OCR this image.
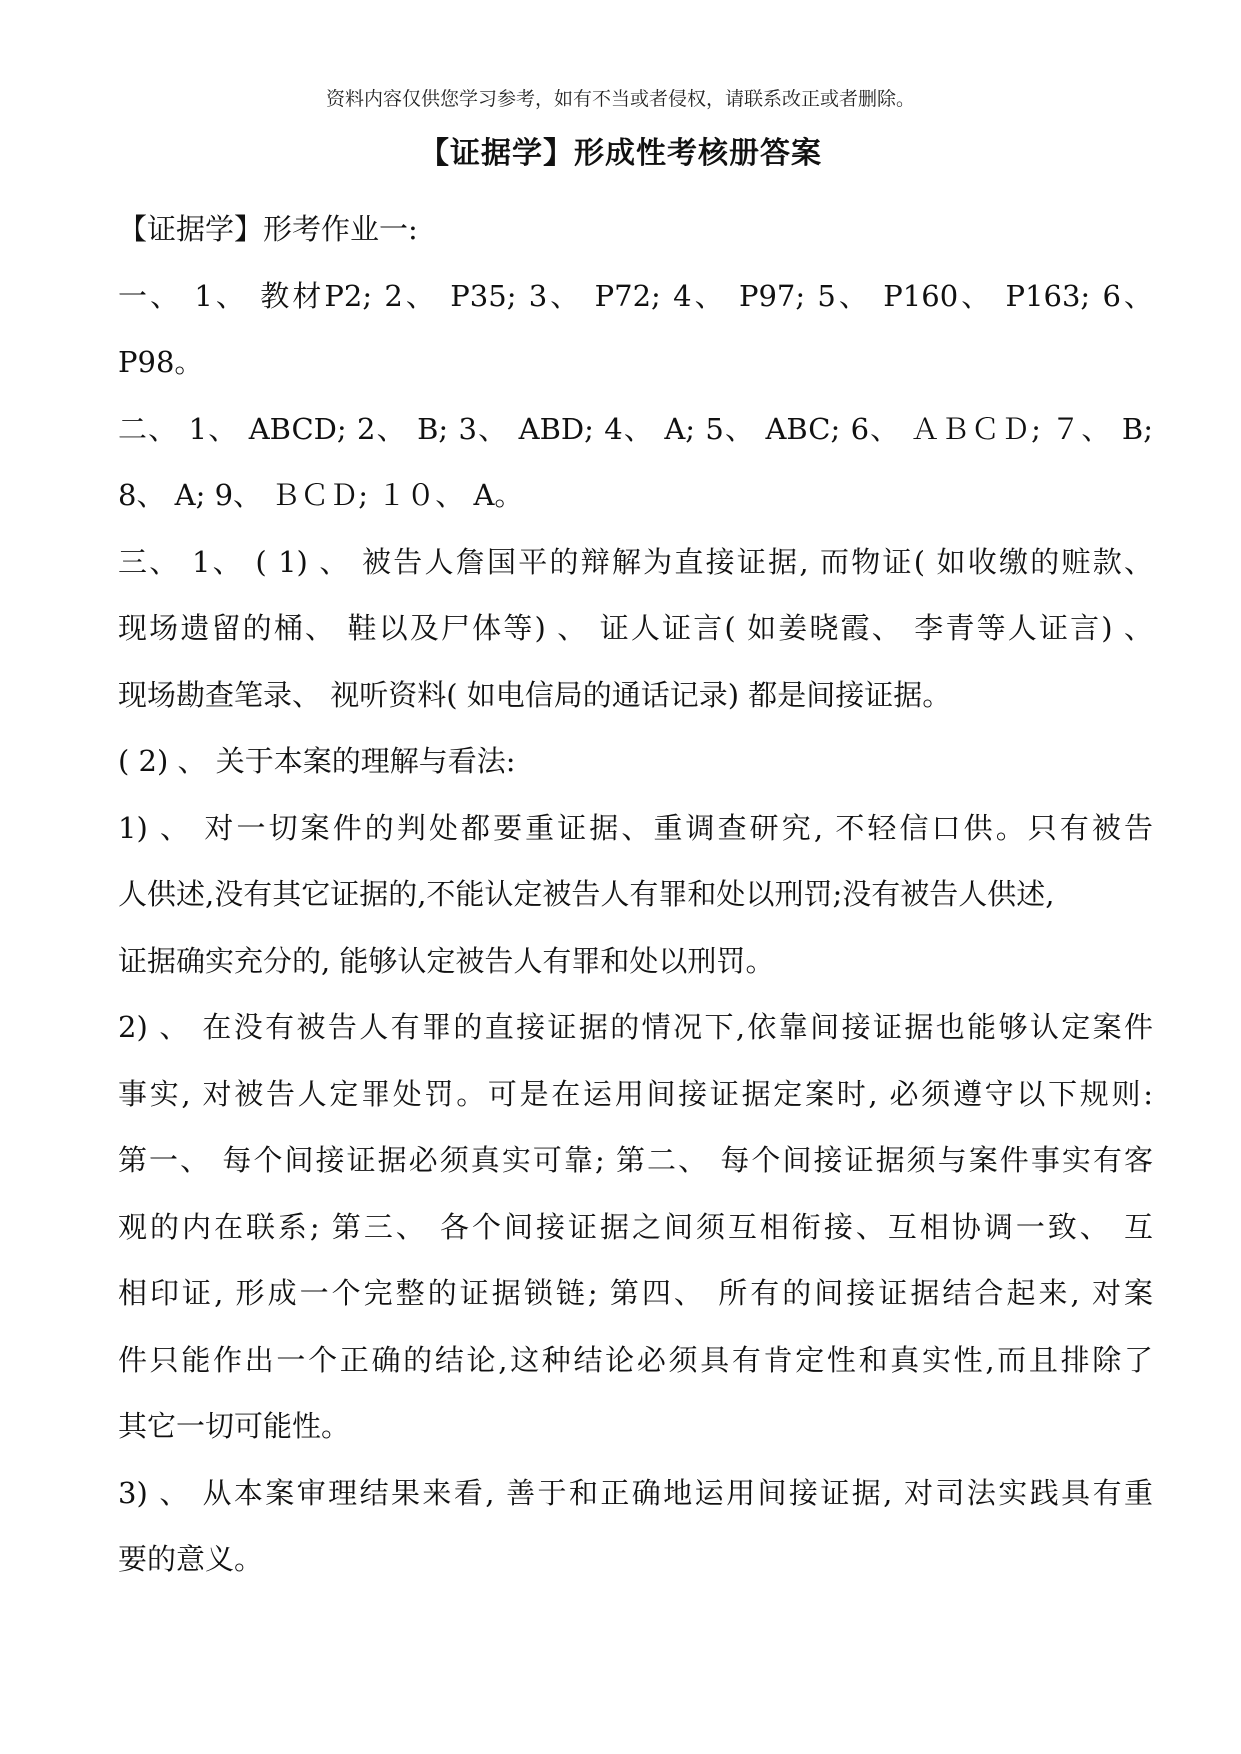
资料内容仅供您学习参考，如有不当或者侵权，请联系改正或者删除。
【证据学】形成性考核册答案
【证据学】形考作业一:
一、 1、 教材P2; 2、 P35; 3、 P72; 4、 P97; 5、 P160、 P163; 6、
P98。
二、 1、 ABCD; 2、 B; 3、 ABD; 4、 A; 5、 ABC; 6、 ＡＢＣＤ; ７、 B;
8、 A; 9、 ＢＣＤ; １０、 A。
三、 1、 ( 1) 、 被告人詹国平的辩解为直接证据, 而物证( 如收缴的赃款、
现场遗留的桶、 鞋以及尸体等) 、 证人证言( 如姜晓霞、 李青等人证言) 、
现场勘查笔录、 视听资料( 如电信局的通话记录) 都是间接证据。
( 2) 、 关于本案的理解与看法:
1) 、 对一切案件的判处都要重证据、重调查研究, 不轻信口供。只有被告
人供述,没有其它证据的,不能认定被告人有罪和处以刑罚;没有被告人供述,
证据确实充分的, 能够认定被告人有罪和处以刑罚。
2) 、 在没有被告人有罪的直接证据的情况下,依靠间接证据也能够认定案件
事实, 对被告人定罪处罚。可是在运用间接证据定案时, 必须遵守以下规则:
第一、 每个间接证据必须真实可靠; 第二、 每个间接证据须与案件事实有客
观的内在联系; 第三、 各个间接证据之间须互相衔接、互相协调一致、 互
相印证, 形成一个完整的证据锁链; 第四、 所有的间接证据结合起来, 对案
件只能作出一个正确的结论,这种结论必须具有肯定性和真实性,而且排除了
其它一切可能性。
3) 、 从本案审理结果来看, 善于和正确地运用间接证据, 对司法实践具有重
要的意义。
